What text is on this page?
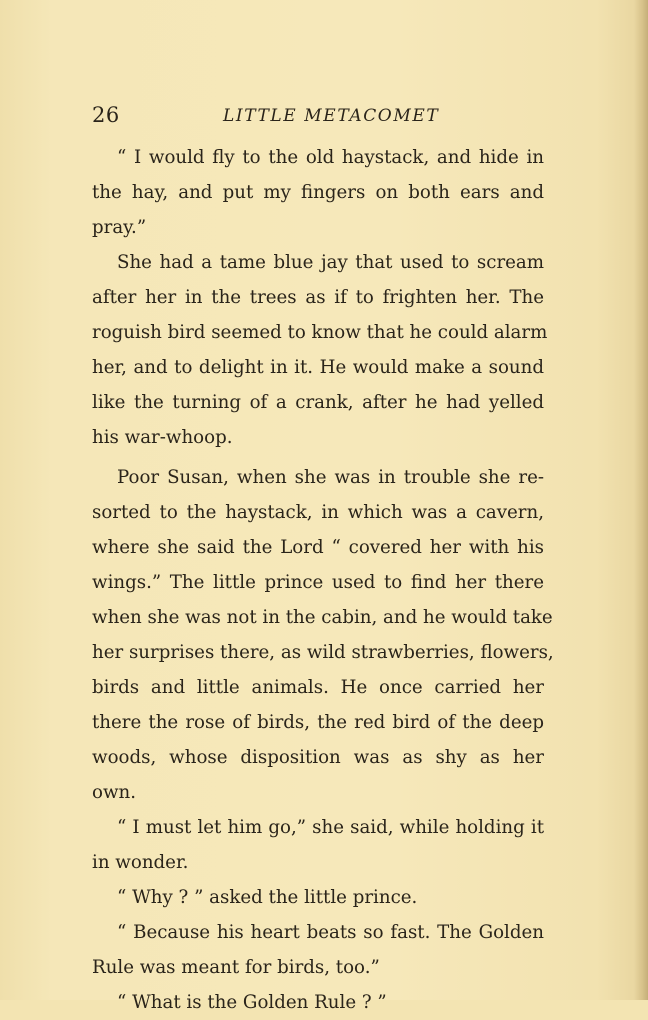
26	LITTLE METACOMET
“ I would fly to the old haystack, and hide in
the hay, and put my fingers on both ears and
pray.”
She had a tame blue jay that used to scream
after her in the trees as if to frighten her. The
roguish bird seemed to know that he could alarm
her, and to delight in it. He would make a sound
like the turning of a crank, after he had yelled
his war-whoop.
Poor Susan, when she was in trouble she re-
sorted to the haystack, in which was a cavern,
where she said the Lord “ covered her with his
wings.” The little prince used to find her there
when she was not in the cabin, and he would take
her surprises there, as wild strawberries, flowers,
birds and little animals. He once carried her
there the rose of birds, the red bird of the deep
woods, whose disposition was as shy as her
own.
“ I must let him go,” she said, while holding it
in wonder.
“ Why ? ” asked the little prince.
“ Because his heart beats so fast. The Golden
Rule was meant for birds, too.”
“ What is the Golden Rule ? ”
